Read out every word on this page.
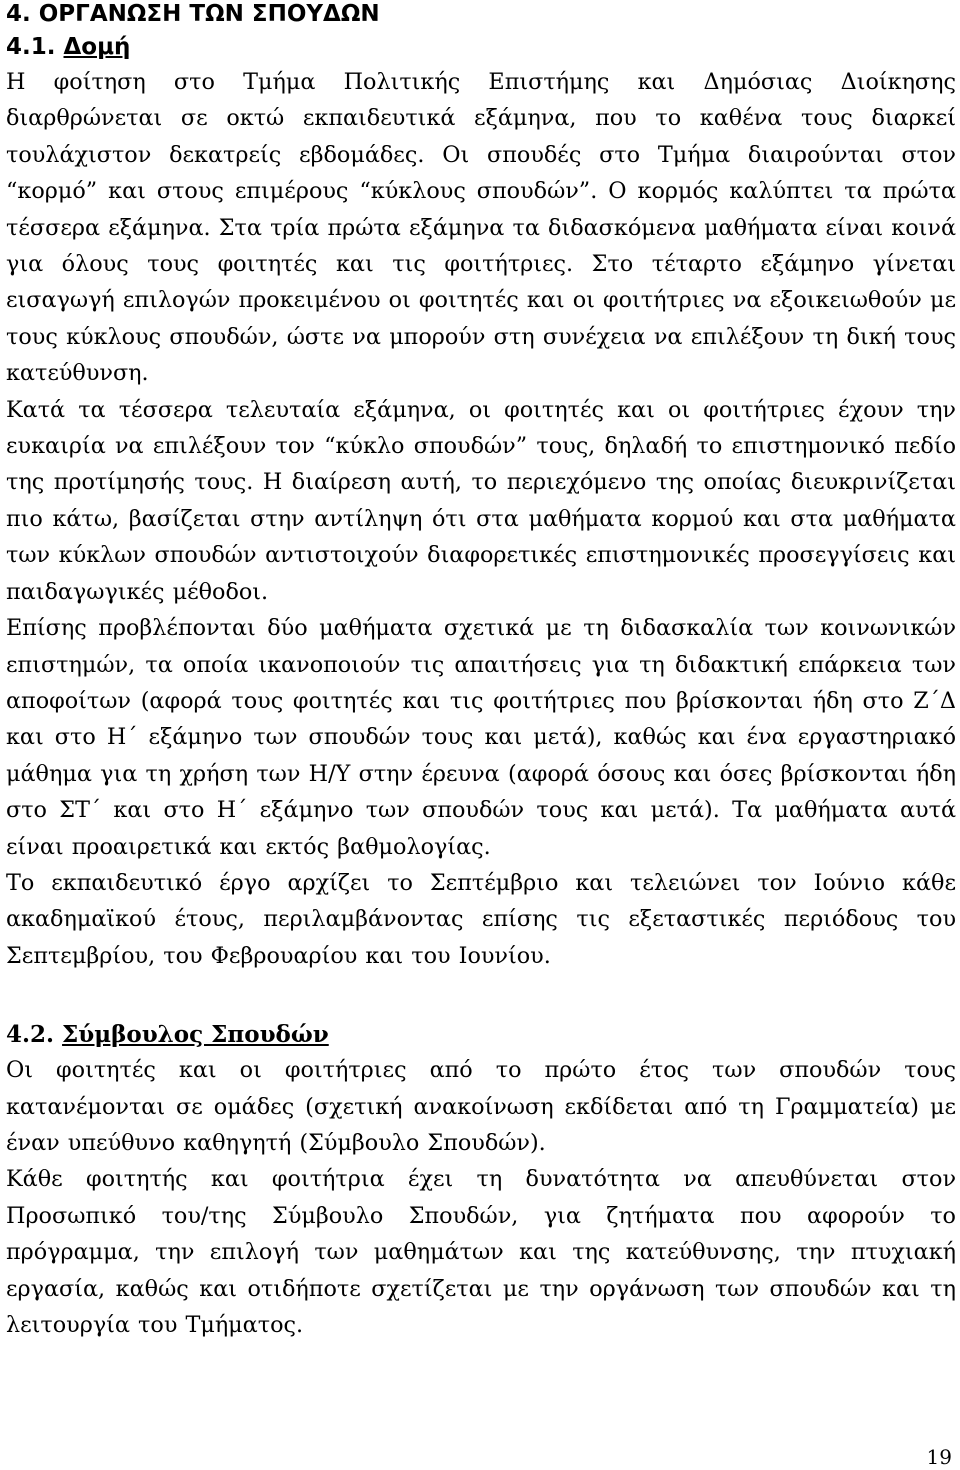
4. ΟΡΓΑΝΩΣΗ ΤΩΝ ΣΠΟΥΔΩΝ
4.1. Δομή

Η φοίτηση στο Τμήμα Πολιτικής Επιστήμης και Δημόσιας Διοίκησης διαρθρώνεται σε οκτώ εκπαιδευτικά εξάμηνα, που το καθένα τους διαρκεί τουλάχιστον δεκατρείς εβδομάδες. Οι σπουδές στο Τμήμα διαιρούνται στον “κορμό” και στους επιμέρους “κύκλους σπουδών”. Ο κορμός καλύπτει τα πρώτα τέσσερα εξάμηνα. Στα τρία πρώτα εξάμηνα τα διδασκόμενα μαθήματα είναι κοινά για όλους τους φοιτητές και τις φοιτήτριες. Στο τέταρτο εξάμηνο γίνεται εισαγωγή επιλογών προκειμένου οι φοιτητές και οι φοιτήτριες να εξοικειωθούν με τους κύκλους σπουδών, ώστε να μπορούν στη συνέχεια να επιλέξουν τη δική τους κατεύθυνση.

Κατά τα τέσσερα τελευταία εξάμηνα, οι φοιτητές και οι φοιτήτριες έχουν την ευκαιρία να επιλέξουν τον “κύκλο σπουδών” τους, δηλαδή το επιστημονικό πεδίο της προτίμησής τους. Η διαίρεση αυτή, το περιεχόμενο της οποίας διευκρινίζεται πιο κάτω, βασίζεται στην αντίληψη ότι στα μαθήματα κορμού και στα μαθήματα των κύκλων σπουδών αντιστοιχούν διαφορετικές επιστημονικές προσεγγίσεις και παιδαγωγικές μέθοδοι.

Επίσης προβλέπονται δύο μαθήματα σχετικά με τη διδασκαλία των κοινωνικών επιστημών, τα οποία ικανοποιούν τις απαιτήσεις για τη διδακτική επάρκεια των αποφοίτων (αφορά τους φοιτητές και τις φοιτήτριες που βρίσκονται ήδη στο Ζ΄Δ και στο Η΄ εξάμηνο των σπουδών τους και μετά), καθώς και ένα εργαστηριακό μάθημα για τη χρήση των Η/Υ στην έρευνα (αφορά όσους και όσες βρίσκονται ήδη στο ΣΤ΄ και στο Η΄ εξάμηνο των σπουδών τους και μετά). Τα μαθήματα αυτά είναι προαιρετικά και εκτός βαθμολογίας.

Το εκπαιδευτικό έργο αρχίζει το Σεπτέμβριο και τελειώνει τον Ιούνιο κάθε ακαδημαϊκού έτους, περιλαμβάνοντας επίσης τις εξεταστικές περιόδους του Σεπτεμβρίου, του Φεβρουαρίου και του Ιουνίου.

4.2. Σύμβουλος Σπουδών

Οι φοιτητές και οι φοιτήτριες από το πρώτο έτος των σπουδών τους κατανέμονται σε ομάδες (σχετική ανακοίνωση εκδίδεται από τη Γραμματεία) με έναν υπεύθυνο καθηγητή (Σύμβουλο Σπουδών).

Κάθε φοιτητής και φοιτήτρια έχει τη δυνατότητα να απευθύνεται στον Προσωπικό του/της Σύμβουλο Σπουδών, για ζητήματα που αφορούν το πρόγραμμα, την επιλογή των μαθημάτων και της κατεύθυνσης, την πτυχιακή εργασία, καθώς και οτιδήποτε σχετίζεται με την οργάνωση των σπουδών και τη λειτουργία του Τμήματος.

19
